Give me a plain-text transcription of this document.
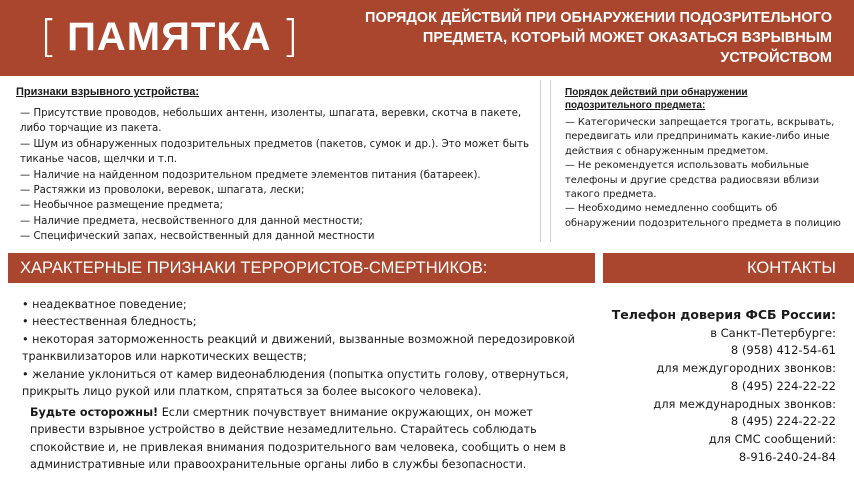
[ ПАМЯТКА ]	ПОРЯДОК ДЕЙСТВИЙ ПРИ ОБНАРУЖЕНИИ ПОДОЗРИТЕЛЬНОГО ПРЕДМЕТА, КОТОРЫЙ МОЖЕТ ОКАЗАТЬСЯ ВЗРЫВНЫМ УСТРОЙСТВОМ
Признаки взрывного устройства:
— Присутствие проводов, небольших антенн, изоленты, шпагата, веревки, скотча в пакете, либо торчащие из пакета.
— Шум из обнаруженных подозрительных предметов (пакетов, сумок и др.). Это может быть тиканье часов, щелчки и т.п.
— Наличие на найденном подозрительном предмете элементов питания (батареек).
— Растяжки из проволоки, веревок, шпагата, лески;
— Необычное размещение предмета;
— Наличие предмета, несвойственного для данной местности;
— Специфический запах, несвойственный для данной местности
Порядок действий при обнаружении подозрительного предмета:
— Категорически запрещается трогать, вскрывать, передвигать или предпринимать какие-либо иные действия с обнаруженным предметом.
— Не рекомендуется использовать мобильные телефоны и другие средства радиосвязи вблизи такого предмета.
— Необходимо немедленно сообщить об обнаружении подозрительного предмета в полицию
ХАРАКТЕРНЫЕ ПРИЗНАКИ ТЕРРОРИСТОВ-СМЕРТНИКОВ:	КОНТАКТЫ
• неадекватное поведение;
• неестественная бледность;
• некоторая заторможенность реакций и движений, вызванные возможной передозировкой транквилизаторов или наркотических веществ;
• желание уклониться от камер видеонаблюдения (попытка опустить голову, отвернуться, прикрыть лицо рукой или платком, спрятаться за более высокого человека).

Будьте осторожны! Если смертник почувствует внимание окружающих, он может привести взрывное устройство в действие незамедлительно. Старайтесь соблюдать спокойствие и, не привлекая внимания подозрительного вам человека, сообщить о нем в административные или правоохранительные органы либо в службы безопасности.

Телефон доверия ФСБ России:
в Санкт-Петербурге:
8 (958) 412-54-61
для междугородних звонков:
8 (495) 224-22-22
для международных звонков:
8 (495) 224-22-22
для СМС сообщений:
8-916-240-24-84
